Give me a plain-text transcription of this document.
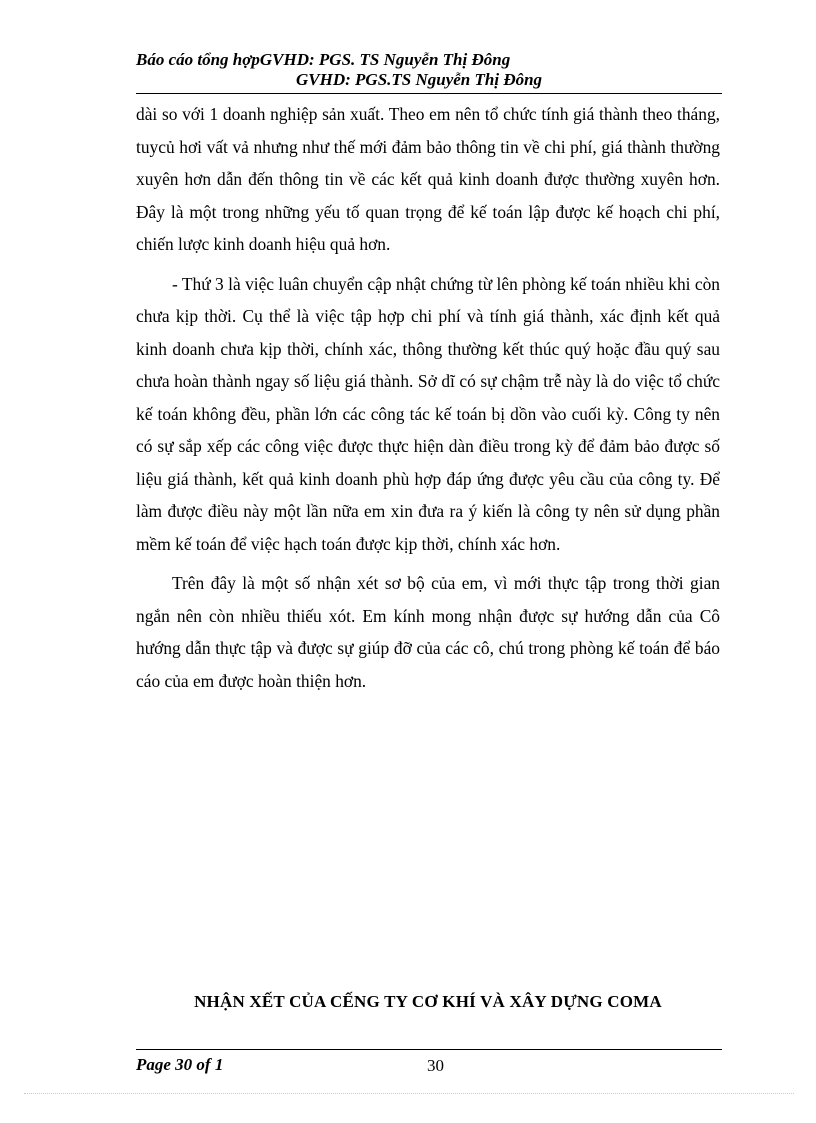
Báo cáo tổng hợpGVHD: PGS. TS Nguyễn Thị Đông
GVHD: PGS.TS Nguyễn Thị Đông

dài so với 1 doanh nghiệp sản xuất. Theo em nên tổ chức tính giá thành theo tháng, tuycủ hơi vất vả nhưng như thế mới đảm bảo thông tin về chi phí, giá thành thường xuyên hơn dẫn đến thông tin về các kết quả kinh doanh được thường xuyên hơn. Đây là một trong những yếu tố quan trọng để kế toán lập được kế hoạch chi phí, chiến lược kinh doanh hiệu quả hơn.

- Thứ 3 là việc luân chuyển cập nhật chứng từ lên phòng kế toán nhiều khi còn chưa kịp thời. Cụ thể là việc tập hợp chi phí và tính giá thành, xác định kết quả kinh doanh chưa kịp thời, chính xác, thông thường kết thúc quý hoặc đầu quý sau chưa hoàn thành ngay số liệu giá thành. Sở dĩ có sự chậm trễ này là do việc tổ chức kế toán không đều, phần lớn các công tác kế toán bị dồn vào cuối kỳ. Công ty nên có sự sắp xếp các công việc được thực hiện dàn điều trong kỳ để đảm bảo được số liệu giá thành, kết quả kinh doanh phù hợp đáp ứng được yêu cầu của công ty. Để làm được điều này một lần nữa em xin đưa ra ý kiến là công ty nên sử dụng phần mềm kế toán để việc hạch toán được kịp thời, chính xác hơn.

Trên đây là một số nhận xét sơ bộ của em, vì mới thực tập trong thời gian ngắn nên còn nhiều thiếu xót. Em kính mong nhận được sự hướng dẫn của Cô hướng dẫn thực tập và được sự giúp đỡ của các cô, chú trong phòng kế toán để báo cáo của em được hoàn thiện hơn.

NHẬN XẾT CỦA CẾNG TY CƠ KHÍ VÀ XÂY DỰNG COMA
Page 30 of 1	30
